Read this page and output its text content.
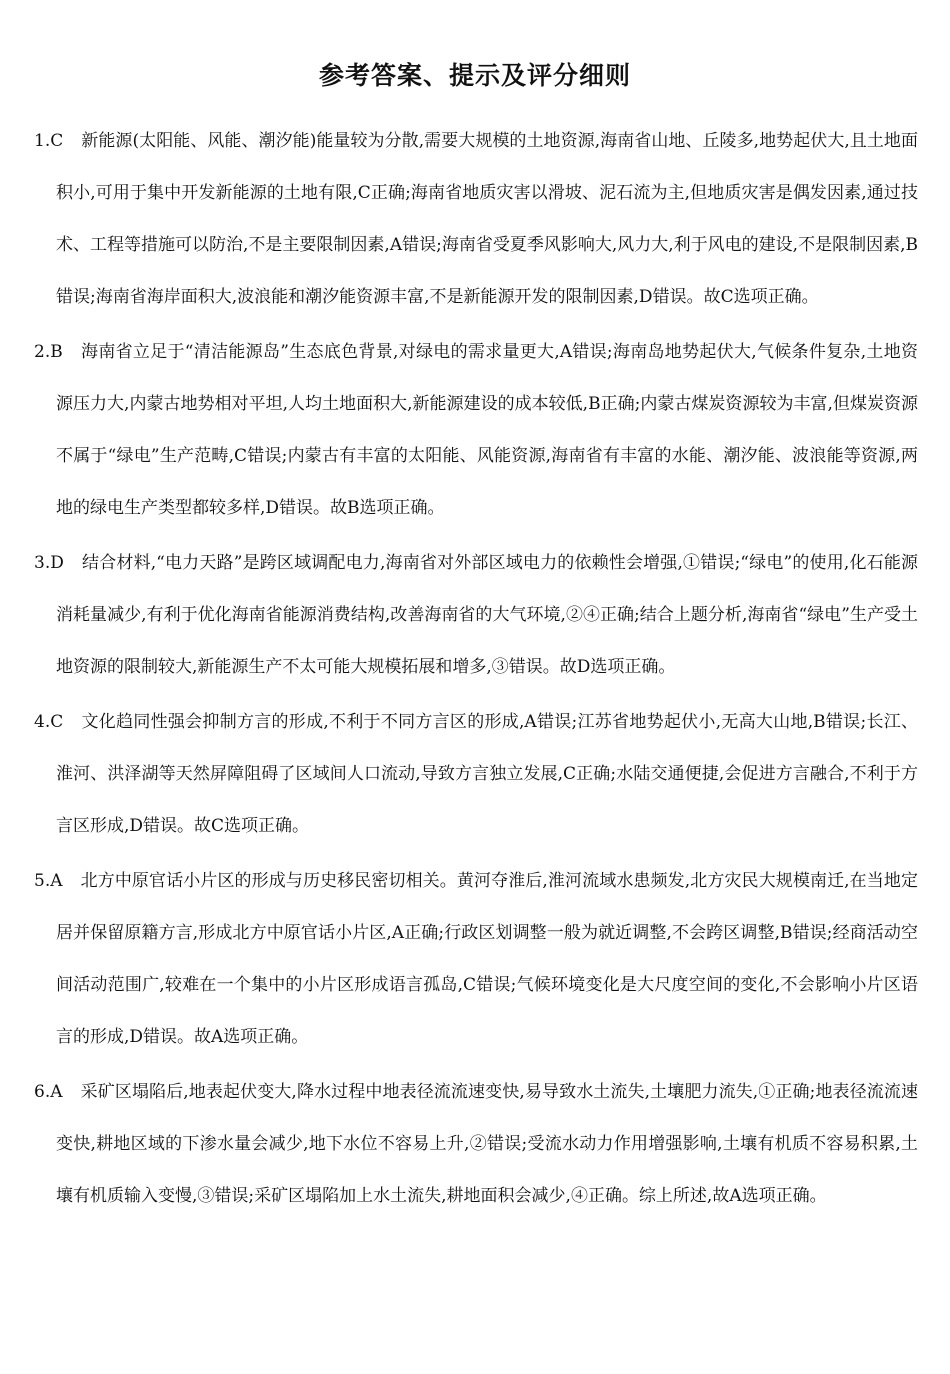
参考答案、提示及评分细则

1.C 新能源(太阳能、风能、潮汐能)能量较为分散,需要大规模的土地资源,海南省山地、丘陵多,地势起伏大,且土地面积小,可用于集中开发新能源的土地有限,C正确;海南省地质灾害以滑坡、泥石流为主,但地质灾害是偶发因素,通过技术、工程等措施可以防治,不是主要限制因素,A错误;海南省受夏季风影响大,风力大,利于风电的建设,不是限制因素,B错误;海南省海岸面积大,波浪能和潮汐能资源丰富,不是新能源开发的限制因素,D错误。故C选项正确。

2.B 海南省立足于“清洁能源岛”生态底色背景,对绿电的需求量更大,A错误;海南岛地势起伏大,气候条件复杂,土地资源压力大,内蒙古地势相对平坦,人均土地面积大,新能源建设的成本较低,B正确;内蒙古煤炭资源较为丰富,但煤炭资源不属于“绿电”生产范畴,C错误;内蒙古有丰富的太阳能、风能资源,海南省有丰富的水能、潮汐能、波浪能等资源,两地的绿电生产类型都较多样,D错误。故B选项正确。

3.D 结合材料,“电力天路”是跨区域调配电力,海南省对外部区域电力的依赖性会增强,①错误;“绿电”的使用,化石能源消耗量减少,有利于优化海南省能源消费结构,改善海南省的大气环境,②④正确;结合上题分析,海南省“绿电”生产受土地资源的限制较大,新能源生产不太可能大规模拓展和增多,③错误。故D选项正确。

4.C 文化趋同性强会抑制方言的形成,不利于不同方言区的形成,A错误;江苏省地势起伏小,无高大山地,B错误;长江、淮河、洪泽湖等天然屏障阻碍了区域间人口流动,导致方言独立发展,C正确;水陆交通便捷,会促进方言融合,不利于方言区形成,D错误。故C选项正确。

5.A 北方中原官话小片区的形成与历史移民密切相关。黄河夺淮后,淮河流域水患频发,北方灾民大规模南迁,在当地定居并保留原籍方言,形成北方中原官话小片区,A正确;行政区划调整一般为就近调整,不会跨区调整,B错误;经商活动空间活动范围广,较难在一个集中的小片区形成语言孤岛,C错误;气候环境变化是大尺度空间的变化,不会影响小片区语言的形成,D错误。故A选项正确。

6.A 采矿区塌陷后,地表起伏变大,降水过程中地表径流流速变快,易导致水土流失,土壤肥力流失,①正确;地表径流流速变快,耕地区域的下渗水量会减少,地下水位不容易上升,②错误;受流水动力作用增强影响,土壤有机质不容易积累,土壤有机质输入变慢,③错误;采矿区塌陷加上水土流失,耕地面积会减少,④正确。综上所述,故A选项正确。
